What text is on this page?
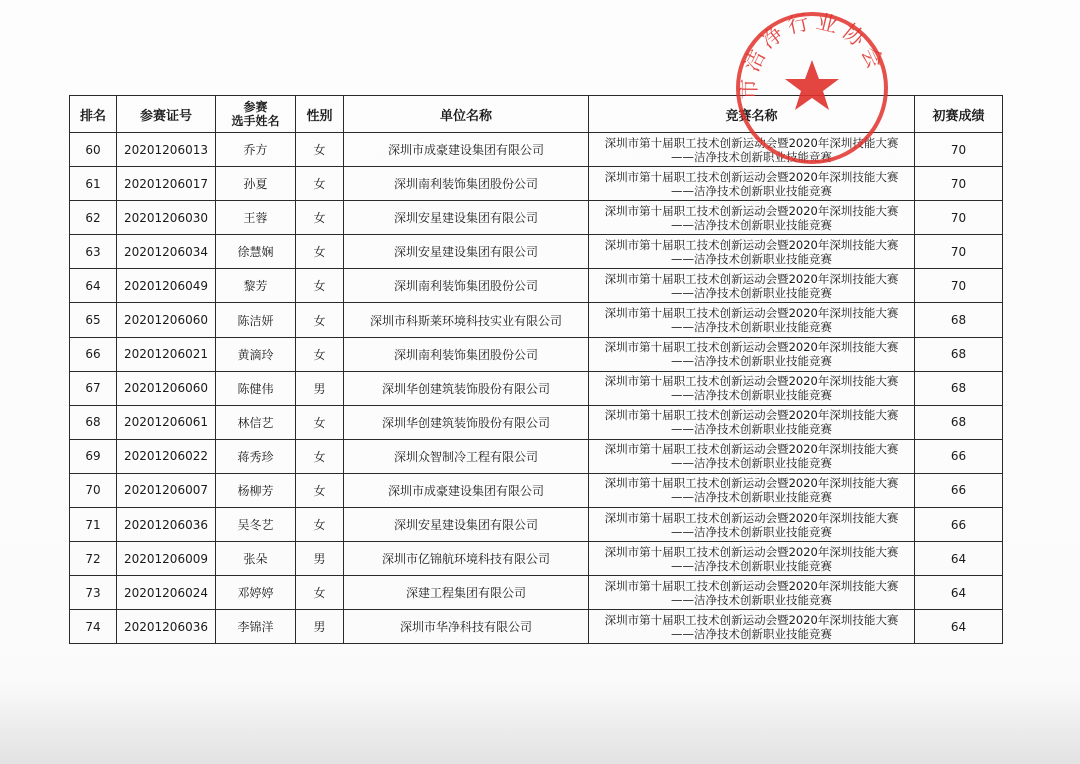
排名	参赛证号	参赛
选手姓名	性别	单位名称	竞赛名称	初赛成绩
60	20201206013	乔方	女	深圳市成豪建设集团有限公司	深圳市第十届职工技术创新运动会暨2020年深圳技能大赛
——洁净技术创新职业技能竞赛	70
61	20201206017	孙夏	女	深圳南利装饰集团股份公司	深圳市第十届职工技术创新运动会暨2020年深圳技能大赛
——洁净技术创新职业技能竞赛	70
62	20201206030	王蓉	女	深圳安星建设集团有限公司	深圳市第十届职工技术创新运动会暨2020年深圳技能大赛
——洁净技术创新职业技能竞赛	70
63	20201206034	徐慧娴	女	深圳安星建设集团有限公司	深圳市第十届职工技术创新运动会暨2020年深圳技能大赛
——洁净技术创新职业技能竞赛	70
64	20201206049	黎芳	女	深圳南利装饰集团股份公司	深圳市第十届职工技术创新运动会暨2020年深圳技能大赛
——洁净技术创新职业技能竞赛	70
65	20201206060	陈洁妍	女	深圳市科斯莱环境科技实业有限公司	深圳市第十届职工技术创新运动会暨2020年深圳技能大赛
——洁净技术创新职业技能竞赛	68
66	20201206021	黄滴玲	女	深圳南利装饰集团股份公司	深圳市第十届职工技术创新运动会暨2020年深圳技能大赛
——洁净技术创新职业技能竞赛	68
67	20201206060	陈健伟	男	深圳华创建筑装饰股份有限公司	深圳市第十届职工技术创新运动会暨2020年深圳技能大赛
——洁净技术创新职业技能竞赛	68
68	20201206061	林信艺	女	深圳华创建筑装饰股份有限公司	深圳市第十届职工技术创新运动会暨2020年深圳技能大赛
——洁净技术创新职业技能竞赛	68
69	20201206022	蒋秀珍	女	深圳众智制冷工程有限公司	深圳市第十届职工技术创新运动会暨2020年深圳技能大赛
——洁净技术创新职业技能竞赛	66
70	20201206007	杨柳芳	女	深圳市成豪建设集团有限公司	深圳市第十届职工技术创新运动会暨2020年深圳技能大赛
——洁净技术创新职业技能竞赛	66
71	20201206036	吴冬艺	女	深圳安星建设集团有限公司	深圳市第十届职工技术创新运动会暨2020年深圳技能大赛
——洁净技术创新职业技能竞赛	66
72	20201206009	张朵	男	深圳市亿锦航环境科技有限公司	深圳市第十届职工技术创新运动会暨2020年深圳技能大赛
——洁净技术创新职业技能竞赛	64
73	20201206024	邓婷婷	女	深建工程集团有限公司	深圳市第十届职工技术创新运动会暨2020年深圳技能大赛
——洁净技术创新职业技能竞赛	64
74	20201206036	李锦洋	男	深圳市华净科技有限公司	深圳市第十届职工技术创新运动会暨2020年深圳技能大赛
——洁净技术创新职业技能竞赛	64
市洁净行业协会
